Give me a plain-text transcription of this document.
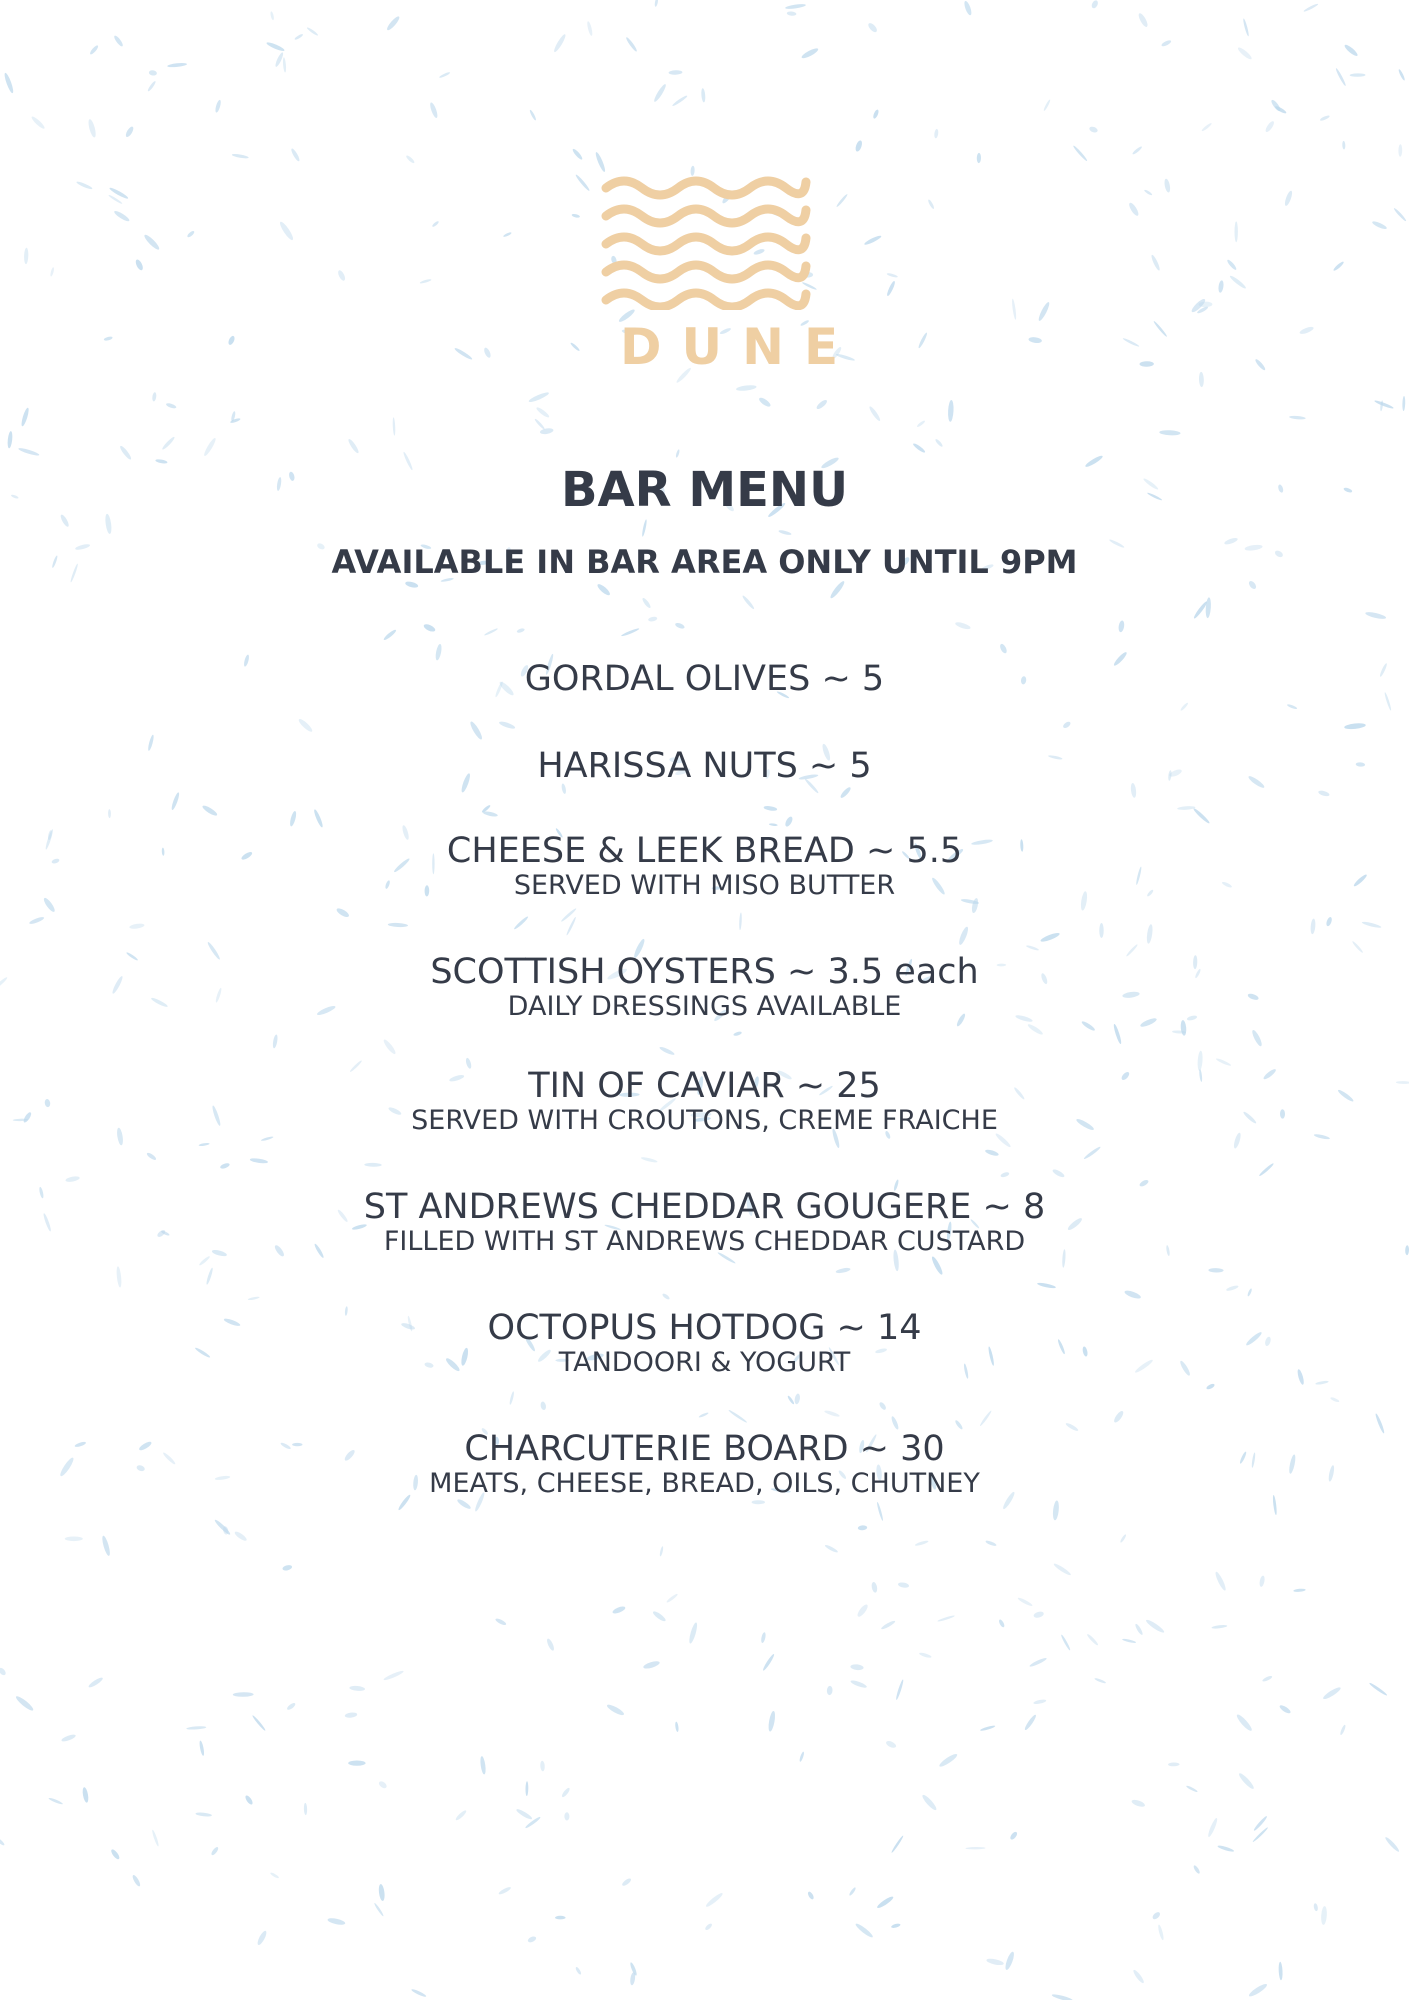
DUNE
BAR MENU
AVAILABLE IN BAR AREA ONLY UNTIL 9PM
GORDAL OLIVES ~ 5
HARISSA NUTS ~ 5
CHEESE & LEEK BREAD ~ 5.5
SERVED WITH MISO BUTTER
SCOTTISH OYSTERS ~ 3.5 each
DAILY DRESSINGS AVAILABLE
TIN OF CAVIAR ~ 25
SERVED WITH CROUTONS, CREME FRAICHE
ST ANDREWS CHEDDAR GOUGERE ~ 8
FILLED WITH ST ANDREWS CHEDDAR CUSTARD
OCTOPUS HOTDOG ~ 14
TANDOORI & YOGURT
CHARCUTERIE BOARD ~ 30
MEATS, CHEESE, BREAD, OILS, CHUTNEY
